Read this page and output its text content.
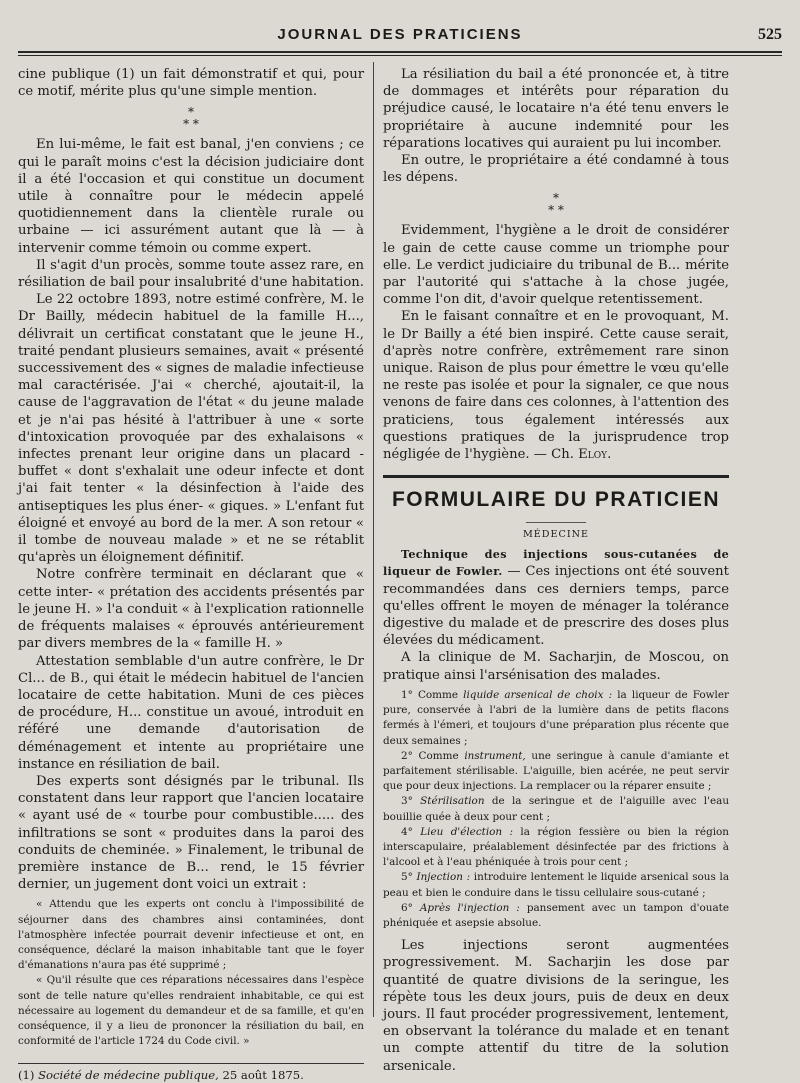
JOURNAL DES PRATICIENS	525

cine publique (1) un fait démonstratif et qui, pour ce motif, mérite plus qu'une simple mention.

*
* *

En lui-même, le fait est banal, j'en conviens ; ce qui le paraît moins c'est la décision judiciaire dont il a été l'occasion et qui constitue un document utile à connaître pour le médecin appelé quotidiennement dans la clientèle rurale ou urbaine — ici assurément autant que là — à intervenir comme témoin ou comme expert.

Il s'agit d'un procès, somme toute assez rare, en résiliation de bail pour insalubrité d'une habitation.

Le 22 octobre 1893, notre estimé confrère, M. le Dr Bailly, médecin habituel de la famille H..., délivrait un certificat constatant que le jeune H., traité pendant plusieurs semaines, avait « présenté successivement des « signes de maladie infectieuse mal caractérisée. J'ai « cherché, ajoutait-il, la cause de l'aggravation de l'état « du jeune malade et je n'ai pas hésité à l'attribuer à une « sorte d'intoxication provoquée par des exhalaisons « infectes prenant leur origine dans un placard - buffet « dont s'exhalait une odeur infecte et dont j'ai fait tenter « la désinfection à l'aide des antiseptiques les plus éner- « giques. » L'enfant fut éloigné et envoyé au bord de la mer. A son retour « il tombe de nouveau malade » et ne se rétablit qu'après un éloignement définitif.

Notre confrère terminait en déclarant que « cette inter- « prétation des accidents présentés par le jeune H. » l'a conduit « à l'explication rationnelle de fréquents malaises « éprouvés antérieurement par divers membres de la « famille H. »

Attestation semblable d'un autre confrère, le Dr Cl... de B., qui était le médecin habituel de l'ancien locataire de cette habitation. Muni de ces pièces de procédure, H... constitue un avoué, introduit en référé une demande d'autorisation de déménagement et intente au propriétaire une instance en résiliation de bail.

Des experts sont désignés par le tribunal. Ils constatent dans leur rapport que l'ancien locataire « ayant usé de « tourbe pour combustible..... des infiltrations se sont « produites dans la paroi des conduits de cheminée. » Finalement, le tribunal de première instance de B... rend, le 15 février dernier, un jugement dont voici un extrait :

« Attendu que les experts ont conclu à l'impossibilité de séjourner dans des chambres ainsi contaminées, dont l'atmosphère infectée pourrait devenir infectieuse et ont, en conséquence, déclaré la maison inhabitable tant que le foyer d'émanations n'aura pas été supprimé ;

« Qu'il résulte que ces réparations nécessaires dans l'espèce sont de telle nature qu'elles rendraient inhabitable, ce qui est nécessaire au logement du demandeur et de sa famille, et qu'en conséquence, il y a lieu de prononcer la résiliation du bail, en conformité de l'article 1724 du Code civil. »

(1) Société de médecine publique, 25 août 1875.

La résiliation du bail a été prononcée et, à titre de dommages et intérêts pour réparation du préjudice causé, le locataire n'a été tenu envers le propriétaire à aucune indemnité pour les réparations locatives qui auraient pu lui incomber.

En outre, le propriétaire a été condamné à tous les dépens.

*
* *

Evidemment, l'hygiène a le droit de considérer le gain de cette cause comme un triomphe pour elle. Le verdict judiciaire du tribunal de B... mérite par l'autorité qui s'attache à la chose jugée, comme l'on dit, d'avoir quelque retentissement.

En le faisant connaître et en le provoquant, M. le Dr Bailly a été bien inspiré. Cette cause serait, d'après notre confrère, extrêmement rare sinon unique. Raison de plus pour émettre le vœu qu'elle ne reste pas isolée et pour la signaler, ce que nous venons de faire dans ces colonnes, à l'attention des praticiens, tous également intéressés aux questions pratiques de la jurisprudence trop négligée de l'hygiène. — Ch. Eloy.

FORMULAIRE DU PRATICIEN
MÉDECINE

Technique des injections sous-cutanées de liqueur de Fowler. — Ces injections ont été souvent recommandées dans ces derniers temps, parce qu'elles offrent le moyen de ménager la tolérance digestive du malade et de prescrire des doses plus élevées du médicament.

A la clinique de M. Sacharjin, de Moscou, on pratique ainsi l'arsénisation des malades.

1° Comme liquide arsenical de choix : la liqueur de Fowler pure, conservée à l'abri de la lumière dans de petits flacons fermés à l'émeri, et toujours d'une préparation plus récente que deux semaines ;

2° Comme instrument, une seringue à canule d'amiante et parfaitement stérilisable. L'aiguille, bien acérée, ne peut servir que pour deux injections. La remplacer ou la réparer ensuite ;

3° Stérilisation de la seringue et de l'aiguille avec l'eau bouillie quée à deux pour cent ;

4° Lieu d'élection : la région fessière ou bien la région interscapulaire, préalablement désinfectée par des frictions à l'alcool et à l'eau phéniquée à trois pour cent ;

5° Injection : introduire lentement le liquide arsenical sous la peau et bien le conduire dans le tissu cellulaire sous-cutané ;

6° Après l'injection : pansement avec un tampon d'ouate phéniquée et asepsie absolue.

Les injections seront augmentées progressivement. M. Sacharjin les dose par quantité de quatre divisions de la seringue, les répète tous les deux jours, puis de deux en deux jours. Il faut procéder progressivement, lentement, en observant la tolérance du malade et en tenant un compte attentif du titre de la solution arsenicale.
